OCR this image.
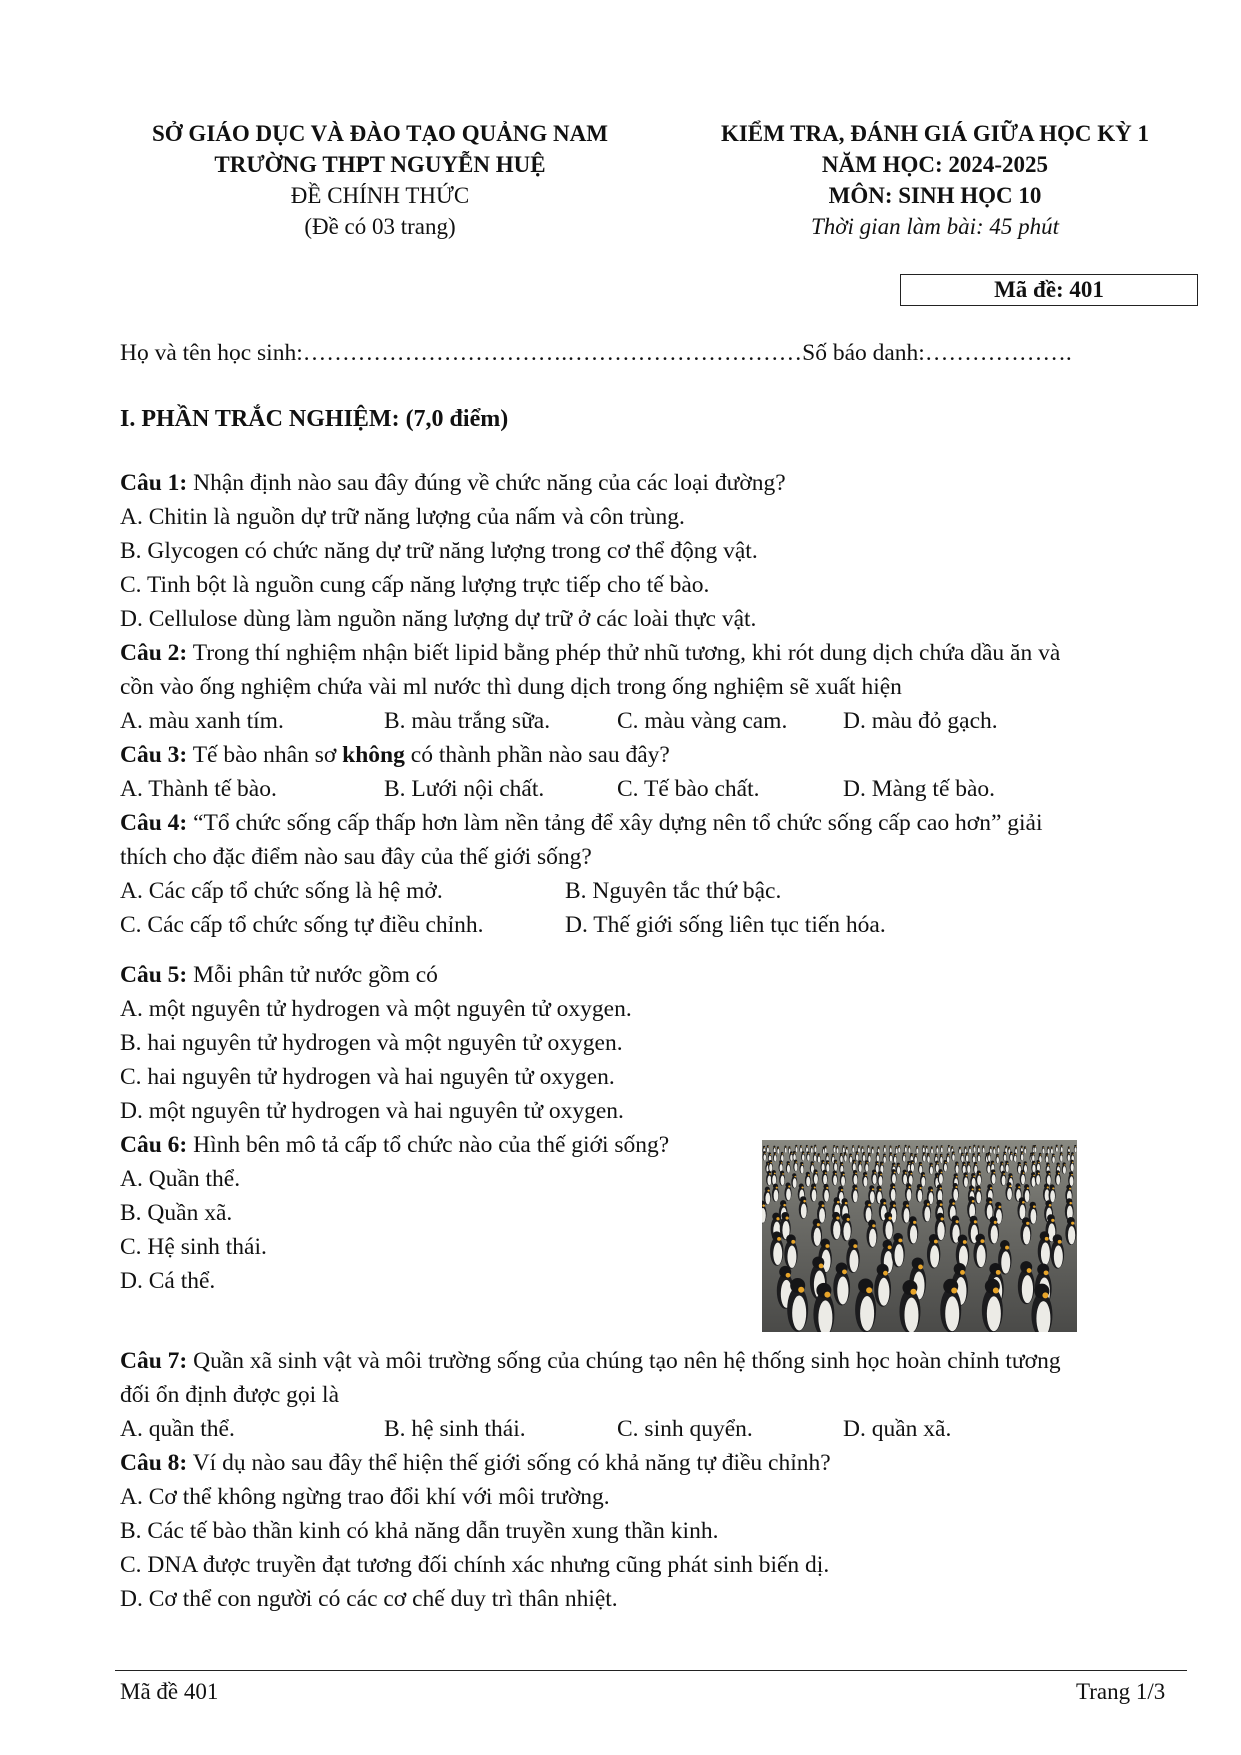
SỞ GIÁO DỤC VÀ ĐÀO TẠO QUẢNG NAM
TRƯỜNG THPT NGUYỄN HUỆ
ĐỀ CHÍNH THỨC
(Đề có 03 trang)
KIỂM TRA, ĐÁNH GIÁ GIỮA HỌC KỲ 1
NĂM HỌC: 2024-2025
MÔN: SINH HỌC 10
Thời gian làm bài: 45 phút
Mã đề: 401
Họ và tên học sinh:…………………………….…………………………Số báo danh:……………….
I. PHẦN TRẮC NGHIỆM: (7,0 điểm)
Câu 1: Nhận định nào sau đây đúng về chức năng của các loại đường?
A. Chitin là nguồn dự trữ năng lượng của nấm và côn trùng.
B. Glycogen có chức năng dự trữ năng lượng trong cơ thể động vật.
C. Tinh bột là nguồn cung cấp năng lượng trực tiếp cho tế bào.
D. Cellulose dùng làm nguồn năng lượng dự trữ ở các loài thực vật.
Câu 2: Trong thí nghiệm nhận biết lipid bằng phép thử nhũ tương, khi rót dung dịch chứa dầu ăn và
cồn vào ống nghiệm chứa vài ml nước thì dung dịch trong ống nghiệm sẽ xuất hiện
A. màu xanh tím.	B. màu trắng sữa.	C. màu vàng cam. D. màu đỏ gạch.
Câu 3: Tế bào nhân sơ không có thành phần nào sau đây?
A. Thành tế bào.	B. Lưới nội chất.	C. Tế bào chất.	D. Màng tế bào.
Câu 4: “Tổ chức sống cấp thấp hơn làm nền tảng để xây dựng nên tổ chức sống cấp cao hơn” giải
thích cho đặc điểm nào sau đây của thế giới sống?
A. Các cấp tổ chức sống là hệ mở.	B. Nguyên tắc thứ bậc.
C. Các cấp tổ chức sống tự điều chỉnh.	D. Thế giới sống liên tục tiến hóa.
Câu 5: Mỗi phân tử nước gồm có
A. một nguyên tử hydrogen và một nguyên tử oxygen.
B. hai nguyên tử hydrogen và một nguyên tử oxygen.
C. hai nguyên tử hydrogen và hai nguyên tử oxygen.
D. một nguyên tử hydrogen và hai nguyên tử oxygen.
Câu 6: Hình bên mô tả cấp tổ chức nào của thế giới sống?
A. Quần thể.
B. Quần xã.
C. Hệ sinh thái.
D. Cá thể.
Câu 7: Quần xã sinh vật và môi trường sống của chúng tạo nên hệ thống sinh học hoàn chỉnh tương
đối ổn định được gọi là
A. quần thể.	B. hệ sinh thái.	C. sinh quyển.	D. quần xã.
Câu 8: Ví dụ nào sau đây thể hiện thế giới sống có khả năng tự điều chỉnh?
A. Cơ thể không ngừng trao đổi khí với môi trường.
B. Các tế bào thần kinh có khả năng dẫn truyền xung thần kinh.
C. DNA được truyền đạt tương đối chính xác nhưng cũng phát sinh biến dị.
D. Cơ thể con người có các cơ chế duy trì thân nhiệt.
Mã đề 401	Trang 1/3
